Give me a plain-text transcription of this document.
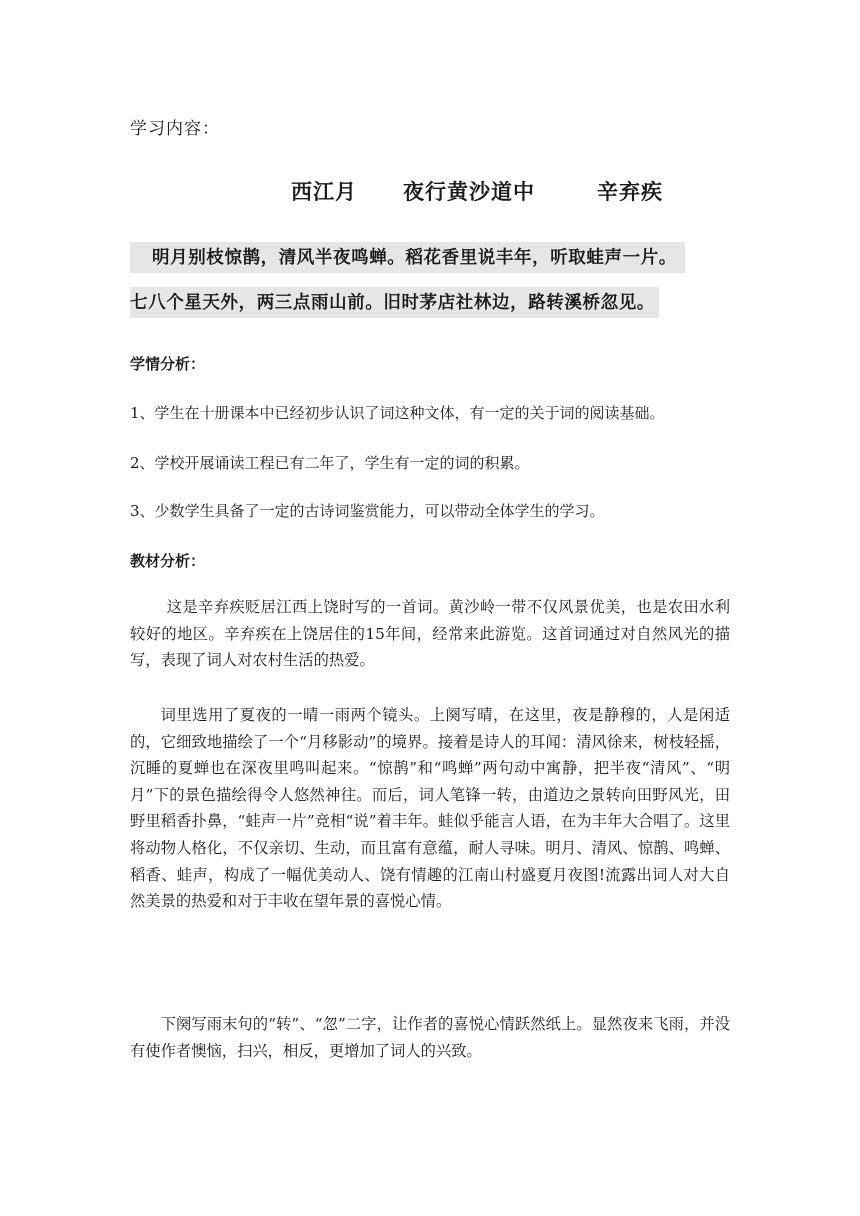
学习内容：
西江月 夜行黄沙道中	辛弃疾
明月别枝惊鹊，清风半夜鸣蝉。稻花香里说丰年，听取蛙声一片。
七八个星天外，两三点雨山前。旧时茅店社林边，路转溪桥忽见。
学情分析：
1、学生在十册课本中已经初步认识了词这种文体，有一定的关于词的阅读基础。
2、学校开展诵读工程已有二年了，学生有一定的词的积累。
3、少数学生具备了一定的古诗词鉴赏能力，可以带动全体学生的学习。
教材分析：
这是辛弃疾贬居江西上饶时写的一首词。黄沙岭一带不仅风景优美，也是农田水利较好的地区。辛弃疾在上饶居住的15年间，经常来此游览。这首词通过对自然风光的描写，表现了词人对农村生活的热爱。
词里选用了夏夜的一晴一雨两个镜头。上阕写晴，在这里，夜是静穆的，人是闲适的，它细致地描绘了一个“月移影动”的境界。接着是诗人的耳闻：清风徐来，树枝轻摇，沉睡的夏蝉也在深夜里鸣叫起来。“惊鹊”和“鸣蝉”两句动中寓静，把半夜“清风”、“明月”下的景色描绘得令人悠然神往。而后，词人笔锋一转，由道边之景转向田野风光，田野里稻香扑鼻，“蛙声一片”竞相“说”着丰年。蛙似乎能言人语，在为丰年大合唱了。这里将动物人格化，不仅亲切、生动，而且富有意蕴，耐人寻味。明月、清风、惊鹊、鸣蝉、稻香、蛙声，构成了一幅优美动人、饶有情趣的江南山村盛夏月夜图!流露出词人对大自然美景的热爱和对于丰收在望年景的喜悦心情。
下阕写雨末句的“转”、“忽”二字，让作者的喜悦心情跃然纸上。显然夜来飞雨，并没有使作者懊恼，扫兴，相反，更增加了词人的兴致。
